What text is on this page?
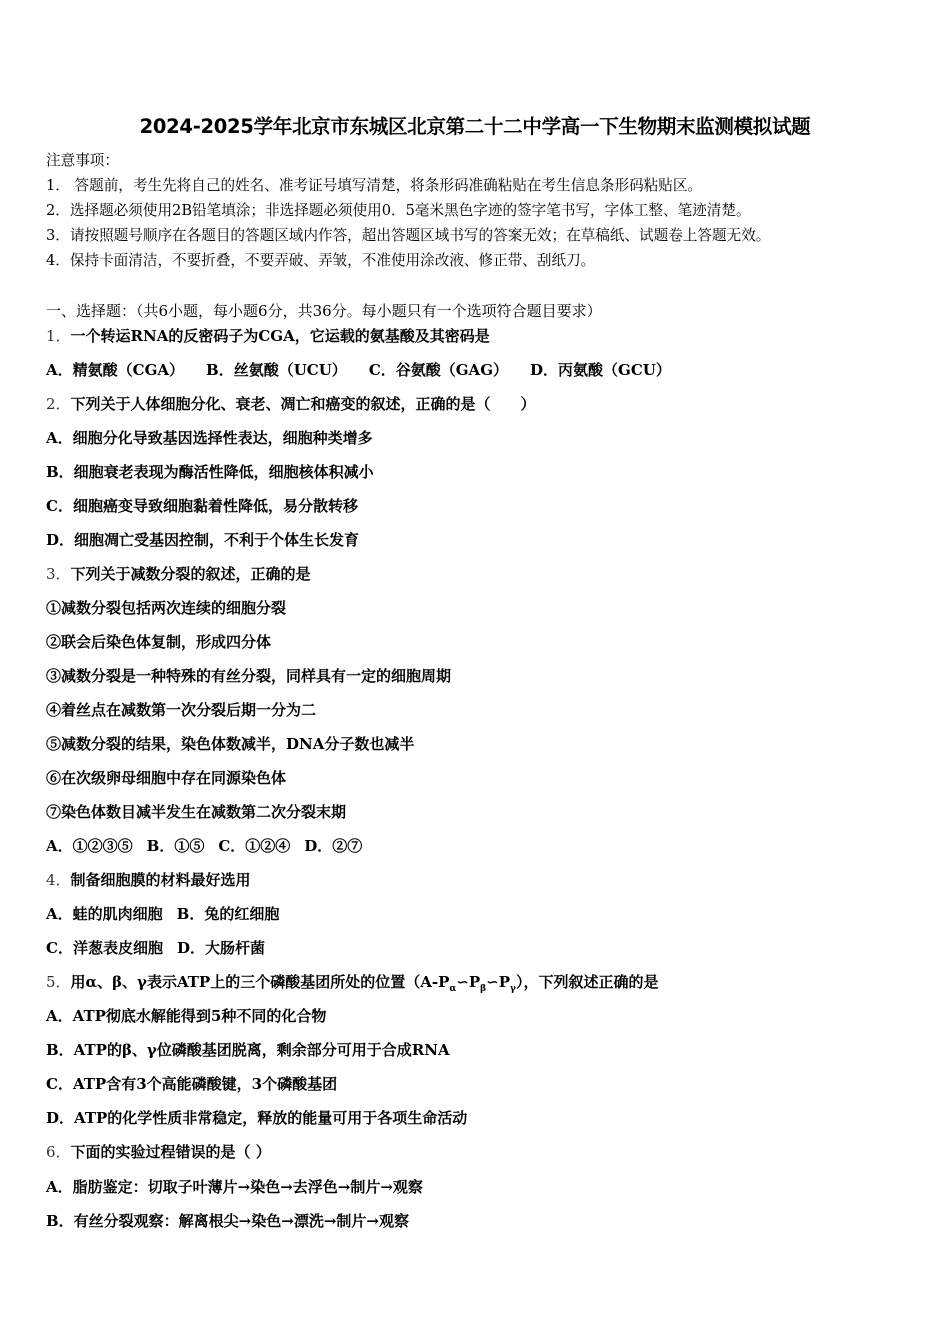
2024-2025学年北京市东城区北京第二十二中学高一下生物期末监测模拟试题
注意事项：
1． 答题前，考生先将自己的姓名、准考证号填写清楚，将条形码准确粘贴在考生信息条形码粘贴区。
2．选择题必须使用2B铅笔填涂；非选择题必须使用0．5毫米黑色字迹的签字笔书写，字体工整、笔迹清楚。
3．请按照题号顺序在各题目的答题区域内作答，超出答题区域书写的答案无效；在草稿纸、试题卷上答题无效。
4．保持卡面清洁，不要折叠，不要弄破、弄皱，不准使用涂改液、修正带、刮纸刀。
一、选择题：（共6小题，每小题6分，共36分。每小题只有一个选项符合题目要求）
1．一个转运RNA的反密码子为CGA，它运载的氨基酸及其密码是
A．精氨酸（CGA） B．丝氨酸（UCU） C．谷氨酸（GAG） D．丙氨酸（GCU）
2．下列关于人体细胞分化、衰老、凋亡和癌变的叙述，正确的是（　　）
A．细胞分化导致基因选择性表达，细胞种类增多
B．细胞衰老表现为酶活性降低，细胞核体积减小
C．细胞癌变导致细胞黏着性降低，易分散转移
D．细胞凋亡受基因控制，不利于个体生长发育
3．下列关于减数分裂的叙述，正确的是
①减数分裂包括两次连续的细胞分裂
②联会后染色体复制，形成四分体
③减数分裂是一种特殊的有丝分裂，同样具有一定的细胞周期
④着丝点在减数第一次分裂后期一分为二
⑤减数分裂的结果，染色体数减半，DNA分子数也减半
⑥在次级卵母细胞中存在同源染色体
⑦染色体数目减半发生在减数第二次分裂末期
A．①②③⑤ B．①⑤ C．①②④ D．②⑦
4．制备细胞膜的材料最好选用
A．蛙的肌肉细胞 B．兔的红细胞
C．洋葱表皮细胞 D．大肠杆菌
5．用α、β、γ表示ATP上的三个磷酸基团所处的位置$(A-P_\alpha∽P_\beta∽P_\gamma)$，下列叙述正确的是
A．ATP彻底水解能得到5种不同的化合物
B．ATP的β、γ位磷酸基团脱离，剩余部分可用于合成RNA
C．ATP含有3个高能磷酸键，3个磷酸基团
D．ATP的化学性质非常稳定，释放的能量可用于各项生命活动
6．下面的实验过程错误的是（ ）
A．脂肪鉴定：切取子叶薄片→染色→去浮色→制片→观察
B．有丝分裂观察：解离根尖→染色→漂洗→制片→观察
